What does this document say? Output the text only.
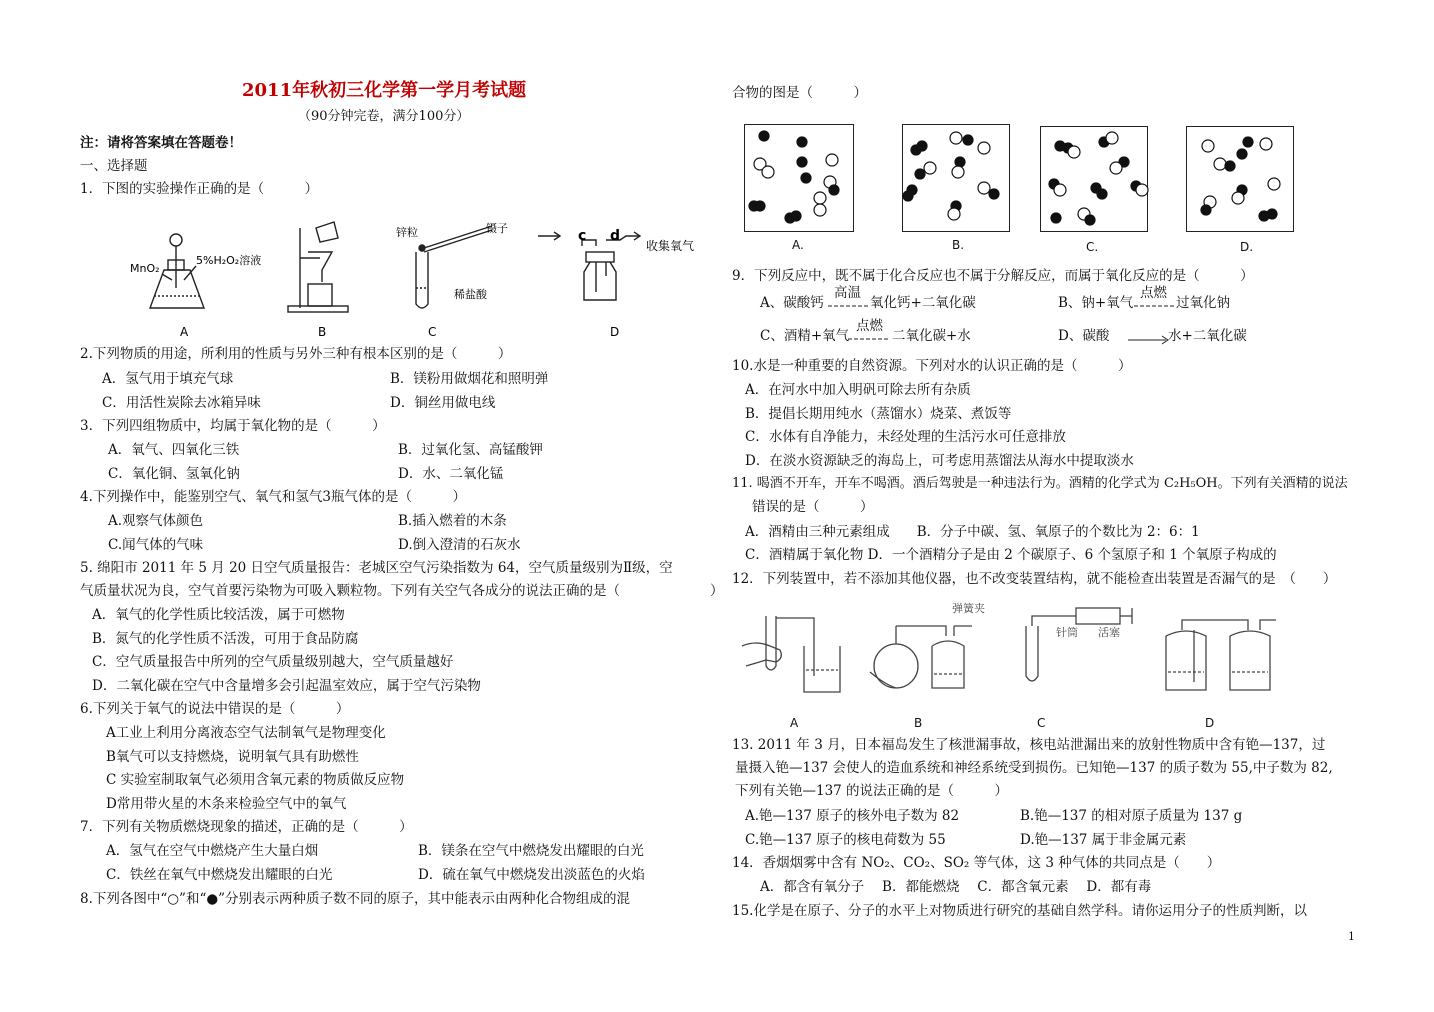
2011年秋初三化学第一学月考试题
（90分钟完卷，满分100分）
注：请将答案填在答题卷！
一、选择题
1．下图的实验操作正确的是（　　　）
MnO₂
5%H₂O₂溶液
锌粒	镊子
稀盐酸
c d
收集氧气
A	B	C	D
2.下列物质的用途，所利用的性质与另外三种有根本区别的是（　　　）
A．氢气用于填充气球	B．镁粉用做烟花和照明弹
C．用活性炭除去冰箱异味	D．铜丝用做电线
3．下列四组物质中，均属于氧化物的是（　　　）
A．氧气、四氧化三铁	B．过氧化氢、高锰酸钾
C．氧化铜、氢氧化钠	D．水、二氧化锰
4.下列操作中，能鉴别空气、氧气和氢气3瓶气体的是（　　　）
A.观察气体颜色	B.插入燃着的木条
C.闻气体的气味	D.倒入澄清的石灰水
5. 绵阳市 2011 年 5 月 20 日空气质量报告：老城区空气污染指数为 64，空气质量级别为Ⅱ级，空
气质量状况为良，空气首要污染物为可吸入颗粒物。下列有关空气各成分的说法正确的是（	）
A．氧气的化学性质比较活泼，属于可燃物
B．氮气的化学性质不活泼，可用于食品防腐
C．空气质量报告中所列的空气质量级别越大，空气质量越好
D．二氧化碳在空气中含量增多会引起温室效应，属于空气污染物
6.下列关于氧气的说法中错误的是（　　　）
A工业上利用分离液态空气法制氧气是物理变化
B氧气可以支持燃烧，说明氧气具有助燃性
C 实验室制取氧气必须用含氧元素的物质做反应物
D常用带火星的木条来检验空气中的氧气
7．下列有关物质燃烧现象的描述，正确的是（　　　）
A．氢气在空气中燃烧产生大量白烟	B．镁条在空气中燃烧发出耀眼的白光
C．铁丝在氧气中燃烧发出耀眼的白光	D．硫在氧气中燃烧发出淡蓝色的火焰
8.下列各图中“○”和“●”分别表示两种质子数不同的原子，其中能表示由两种化合物组成的混
合物的图是（　　　）
A.	B.	C.	D.
9．下列反应中，既不属于化合反应也不属于分解反应，而属于氧化反应的是（　　　）
A、碳酸钙
高温
氧化钙+二氧化碳	B、钠+氧气
点燃
过氧化钠
C、酒精+氧气
点燃
二氧化碳+水	D、碳酸	水+二氧化碳
10.水是一种重要的自然资源。下列对水的认识正确的是（　　　）
A．在河水中加入明矾可除去所有杂质
B．提倡长期用纯水（蒸馏水）烧菜、煮饭等
C．水体有自净能力，未经处理的生活污水可任意排放
D．在淡水资源缺乏的海岛上，可考虑用蒸馏法从海水中提取淡水
11. 喝酒不开车，开车不喝酒。酒后驾驶是一种违法行为。酒精的化学式为 C₂H₅OH。下列有关酒精的说法
错误的是（　　　）
A．酒精由三种元素组成　　B．分子中碳、氢、氧原子的个数比为 2：6：1
C．酒精属于氧化物 D．一个酒精分子是由 2 个碳原子、6 个氢原子和 1 个氧原子构成的
12．下列装置中，若不添加其他仪器，也不改变装置结构，就不能检查出装置是否漏气的是　（　　）
弹簧夹
针筒 活塞
A	B	C	D
13. 2011 年 3 月，日本福岛发生了核泄漏事故，核电站泄漏出来的放射性物质中含有铯—137，过
量摄入铯—137 会使人的造血系统和神经系统受到损伤。已知铯—137 的质子数为 55,中子数为 82,
下列有关铯—137 的说法正确的是（　　　）
A.铯—137 原子的核外电子数为 82	B.铯—137 的相对原子质量为 137 g
C.铯—137 原子的核电荷数为 55	D.铯—137 属于非金属元素
14．香烟烟雾中含有 NO₂、CO₂、SO₂ 等气体，这 3 种气体的共同点是（　　）
A．都含有氧分子　 B．都能燃烧　 C．都含氧元素　 D．都有毒
15.化学是在原子、分子的水平上对物质进行研究的基础自然学科。请你运用分子的性质判断，以
1
